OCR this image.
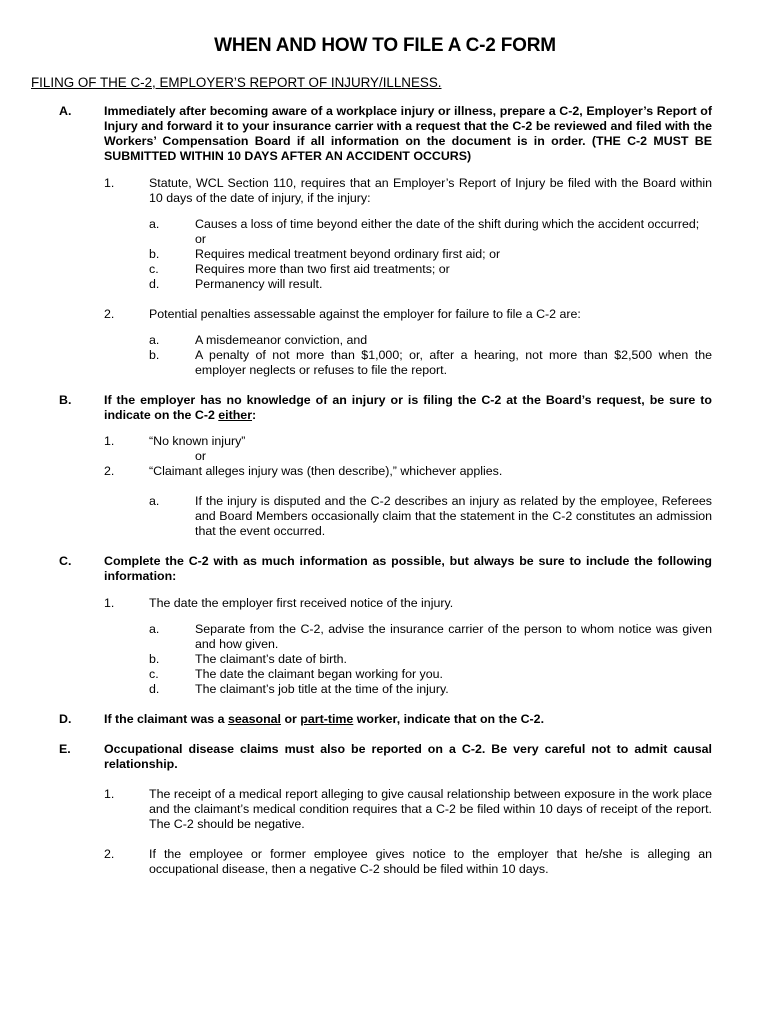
WHEN AND HOW TO FILE A C-2 FORM
FILING OF THE C-2, EMPLOYER’S REPORT OF INJURY/ILLNESS.
A.	Immediately after becoming aware of a workplace injury or illness, prepare a C-2, Employer’s Report of Injury and forward it to your insurance carrier with a request that the C-2 be reviewed and filed with the Workers’ Compensation Board if all information on the document is in order. (THE C-2 MUST BE SUBMITTED WITHIN 10 DAYS AFTER AN ACCIDENT OCCURS)
1.	Statute, WCL Section 110, requires that an Employer’s Report of Injury be filed with the Board within 10 days of the date of injury, if the injury:
a.	Causes a loss of time beyond either the date of the shift during which the accident occurred;
or
b.	Requires medical treatment beyond ordinary first aid; or
c.	Requires more than two first aid treatments; or
d.	Permanency will result.
2.	Potential penalties assessable against the employer for failure to file a C-2 are:
a.	A misdemeanor conviction, and
b.	A penalty of not more than $1,000; or, after a hearing, not more than $2,500 when the employer neglects or refuses to file the report.
B.	If the employer has no knowledge of an injury or is filing the C-2 at the Board’s request, be sure to indicate on the C-2 either:
1.	“No known injury”
or
2.	“Claimant alleges injury was (then describe),” whichever applies.
a.	If the injury is disputed and the C-2 describes an injury as related by the employee, Referees and Board Members occasionally claim that the statement in the C-2 constitutes an admission that the event occurred.
C.	Complete the C-2 with as much information as possible, but always be sure to include the following information:
1.	The date the employer first received notice of the injury.
a.	Separate from the C-2, advise the insurance carrier of the person to whom notice was given and how given.
b.	The claimant’s date of birth.
c.	The date the claimant began working for you.
d.	The claimant’s job title at the time of the injury.
D.	If the claimant was a seasonal or part-time worker, indicate that on the C-2.
E.	Occupational disease claims must also be reported on a C-2. Be very careful not to admit causal relationship.
1.	The receipt of a medical report alleging to give causal relationship between exposure in the work place and the claimant’s medical condition requires that a C-2 be filed within 10 days of receipt of the report. The C-2 should be negative.
2.	If the employee or former employee gives notice to the employer that he/she is alleging an occupational disease, then a negative C-2 should be filed within 10 days.
